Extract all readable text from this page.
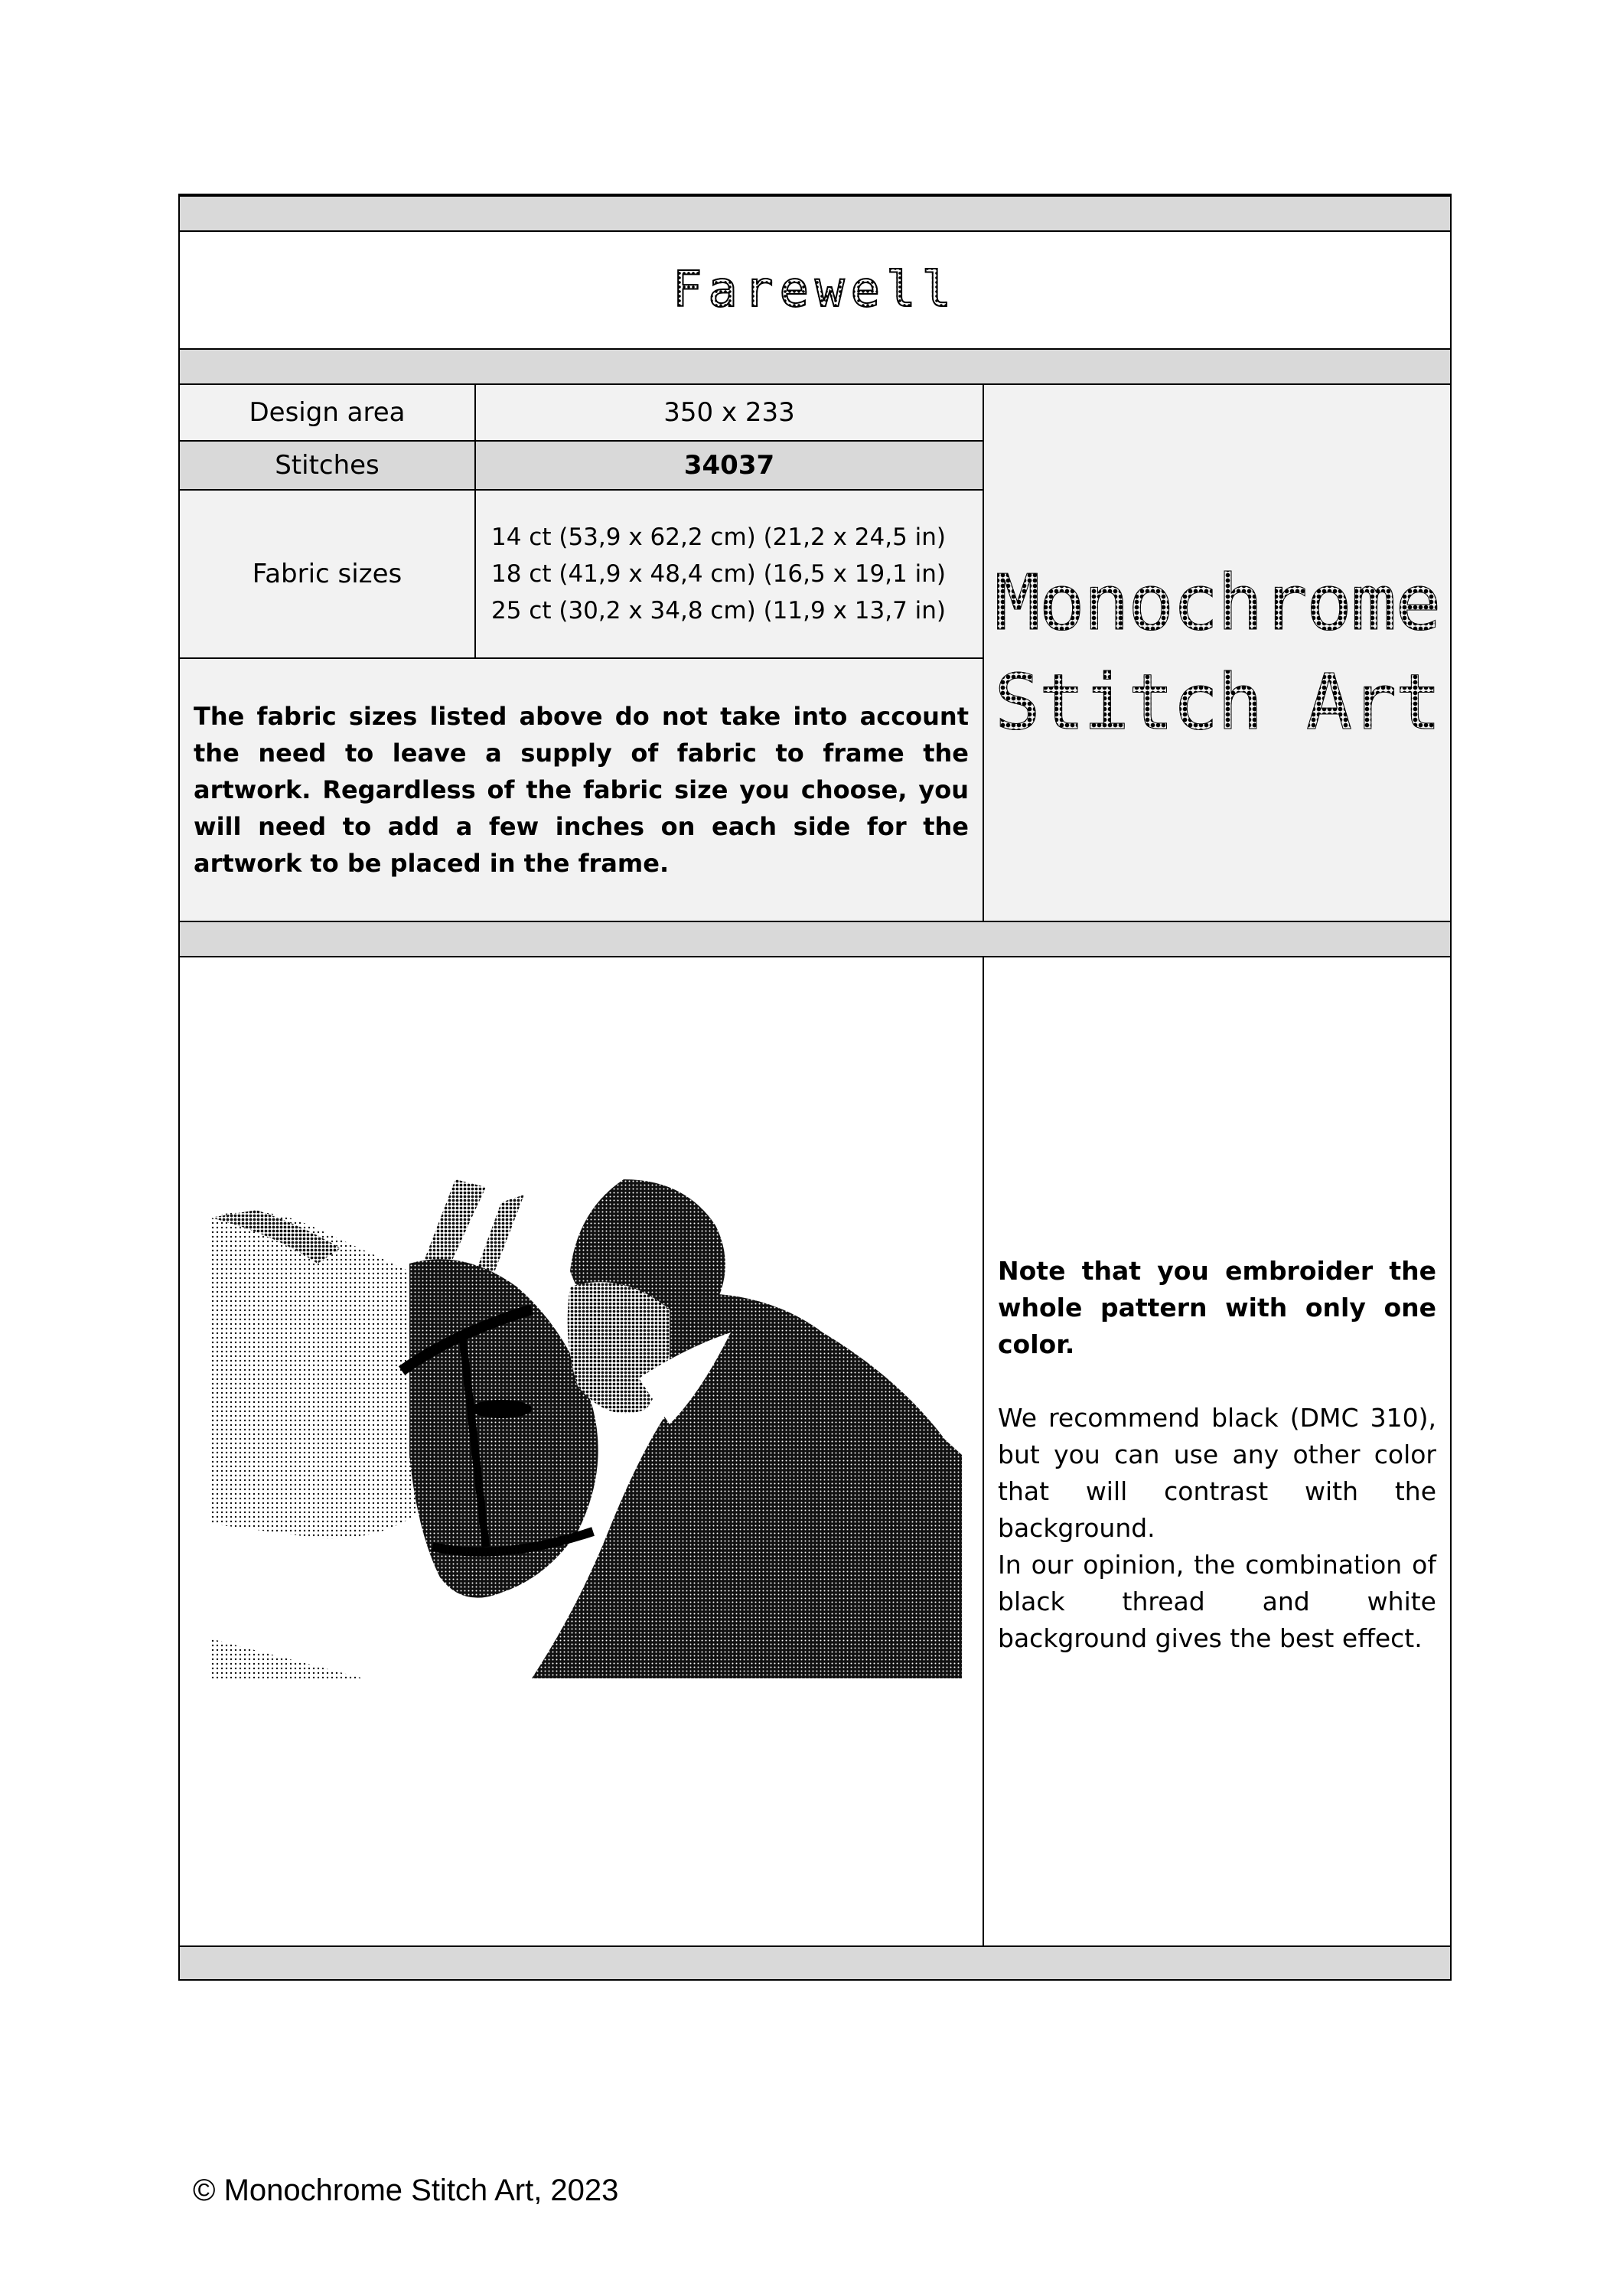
Farewell
Design area	350 x 233
Stitches	34037
Fabric sizes
14 ct (53,9 x 62,2 cm) (21,2 x 24,5 in)
18 ct (41,9 x 48,4 cm) (16,5 x 19,1 in)
25 ct (30,2 x 34,8 cm) (11,9 x 13,7 in)
The fabric sizes listed above do not take into account the need to leave a supply of fabric to frame the artwork. Regardless of the fabric size you choose, you will need to add a few inches on each side for the artwork to be placed in the frame.
Monochrome
Stitch Art

Note that you embroider the whole pattern with only one color.

We recommend black (DMC 310), but you can use any other color that will contrast with the background.

In our opinion, the combination of black thread and white background gives the best effect.

© Monochrome Stitch Art, 2023
